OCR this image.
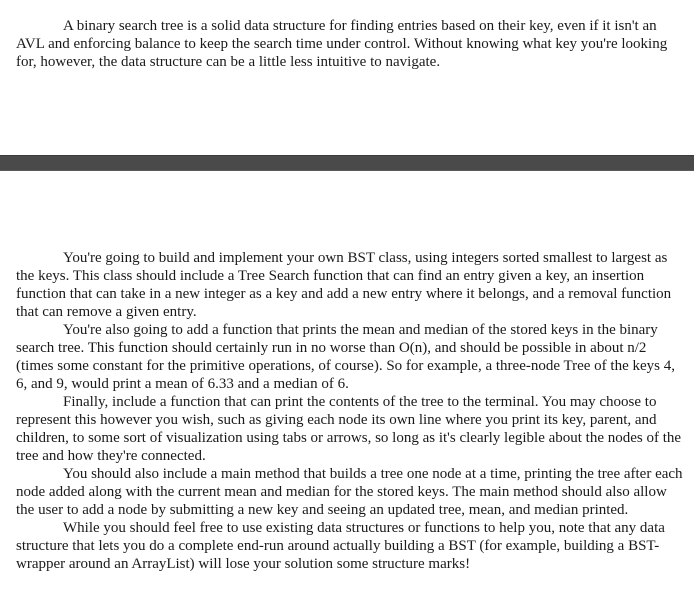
A binary search tree is a solid data structure for finding entries based on their key, even if it isn't an AVL and enforcing balance to keep the search time under control. Without knowing what key you're looking for, however, the data structure can be a little less intuitive to navigate.

You're going to build and implement your own BST class, using integers sorted smallest to largest as the keys. This class should include a Tree Search function that can find an entry given a key, an insertion function that can take in a new integer as a key and add a new entry where it belongs, and a removal function that can remove a given entry.

You're also going to add a function that prints the mean and median of the stored keys in the binary search tree. This function should certainly run in no worse than O(n), and should be possible in about n/2 (times some constant for the primitive operations, of course). So for example, a three-node Tree of the keys 4, 6, and 9, would print a mean of 6.33 and a median of 6.

Finally, include a function that can print the contents of the tree to the terminal. You may choose to represent this however you wish, such as giving each node its own line where you print its key, parent, and children, to some sort of visualization using tabs or arrows, so long as it's clearly legible about the nodes of the tree and how they're connected.

You should also include a main method that builds a tree one node at a time, printing the tree after each node added along with the current mean and median for the stored keys. The main method should also allow the user to add a node by submitting a new key and seeing an updated tree, mean, and median printed.

While you should feel free to use existing data structures or functions to help you, note that any data structure that lets you do a complete end-run around actually building a BST (for example, building a BST-wrapper around an ArrayList) will lose your solution some structure marks!
